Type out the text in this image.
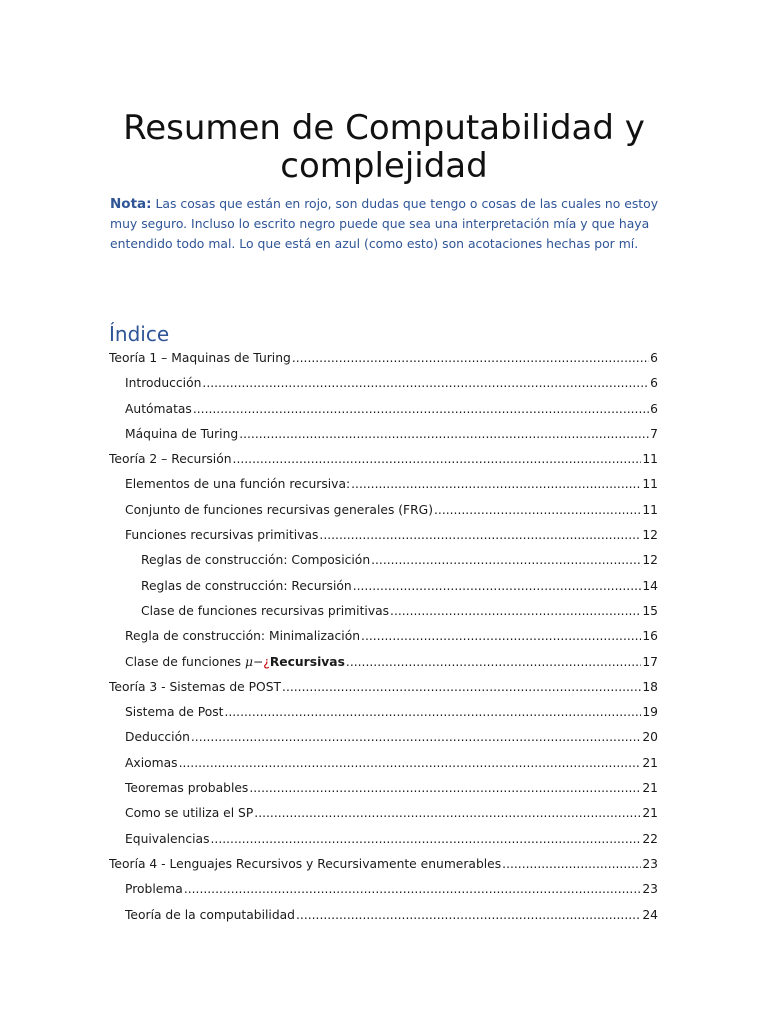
Resumen de Computabilidad y complejidad

Nota: Las cosas que están en rojo, son dudas que tengo o cosas de las cuales no estoy muy seguro. Incluso lo escrito negro puede que sea una interpretación mía y que haya entendido todo mal. Lo que está en azul (como esto) son acotaciones hechas por mí.

Índice
Teoría 1 – Maquinas de Turing .....	6
Introducción .....	6
Autómatas .....	6
Máquina de Turing .....	7
Teoría 2 – Recursión .....	11
Elementos de una función recursiva: .....	11
Conjunto de funciones recursivas generales (FRG) .....	11
Funciones recursivas primitivas .....	12
Reglas de construcción: Composición .....	12
Reglas de construcción: Recursión .....	14
Clase de funciones recursivas primitivas .....	15
Regla de construcción: Minimalización .....	16
Clase de funciones μ−¿Recursivas .....	17
Teoría 3 - Sistemas de POST .....	18
Sistema de Post .....	19
Deducción .....	20
Axiomas .....	21
Teoremas probables .....	21
Como se utiliza el SP .....	21
Equivalencias .....	22
Teoría 4 - Lenguajes Recursivos y Recursivamente enumerables .....	23
Problema .....	23
Teoría de la computabilidad .....	24
